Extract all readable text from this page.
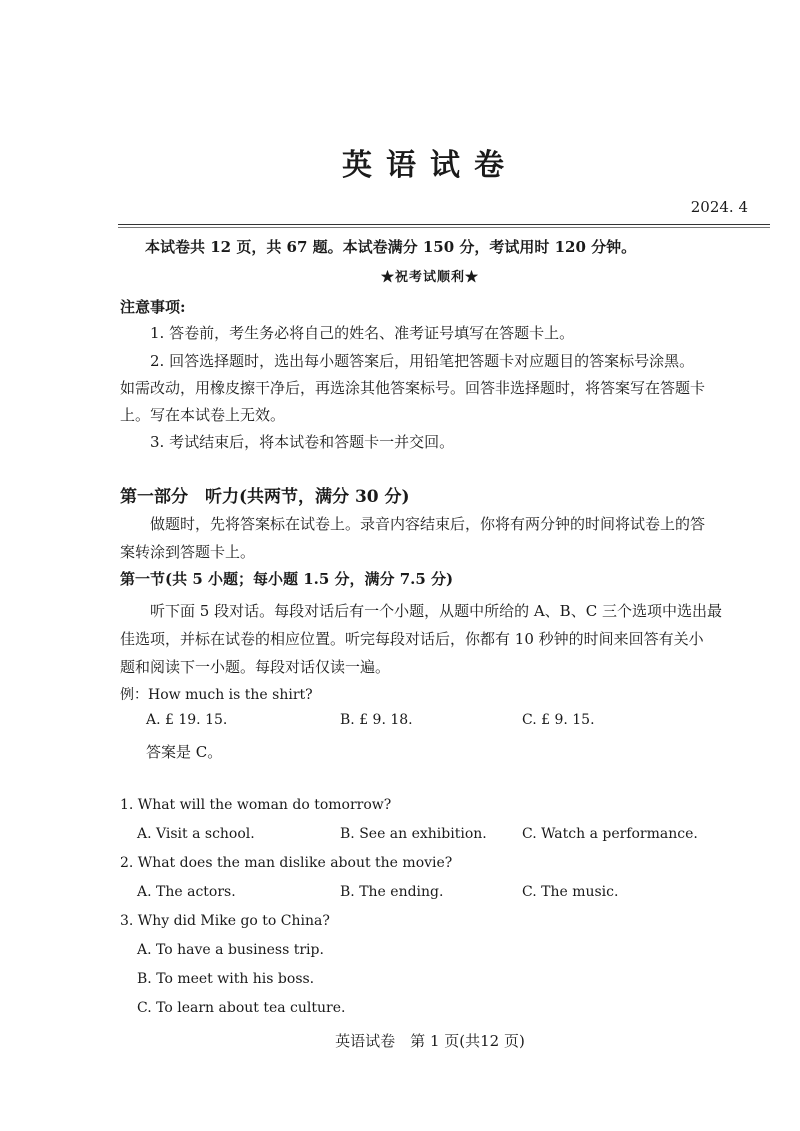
英语试卷
2024. 4
本试卷共 12 页，共 67 题。本试卷满分 150 分，考试用时 120 分钟。
★祝考试顺利★
注意事项:
1. 答卷前，考生务必将自己的姓名、准考证号填写在答题卡上。
2. 回答选择题时，选出每小题答案后，用铅笔把答题卡对应题目的答案标号涂黑。
如需改动，用橡皮擦干净后，再选涂其他答案标号。回答非选择题时，将答案写在答题卡
上。写在本试卷上无效。
3. 考试结束后，将本试卷和答题卡一并交回。
第一部分　听力(共两节，满分 30 分)
做题时，先将答案标在试卷上。录音内容结束后，你将有两分钟的时间将试卷上的答
案转涂到答题卡上。
第一节(共 5 小题；每小题 1.5 分，满分 7.5 分)
听下面 5 段对话。每段对话后有一个小题，从题中所给的 A、B、C 三个选项中选出最
佳选项，并标在试卷的相应位置。听完每段对话后，你都有 10 秒钟的时间来回答有关小
题和阅读下一小题。每段对话仅读一遍。
例：How much is the shirt?
A. £ 19. 15.	B. £ 9. 18.	C. £ 9. 15.
答案是 C。
1. What will the woman do tomorrow?
A. Visit a school.	B. See an exhibition.	C. Watch a performance.
2. What does the man dislike about the movie?
A. The actors.	B. The ending.	C. The music.
3. Why did Mike go to China?
A. To have a business trip.
B. To meet with his boss.
C. To learn about tea culture.
英语试卷　第 1 页(共12 页)
